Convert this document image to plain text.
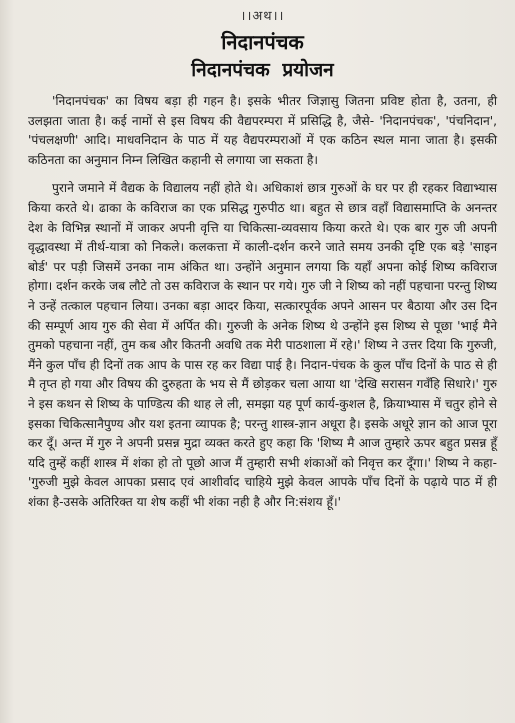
।।अथ।।
निदानपंचक
निदानपंचक प्रयोजन

'निदानपंचक' का विषय बड़ा ही गहन है। इसके भीतर जिज्ञासु जितना प्रविष्ट होता है, उतना, ही उलझता जाता है। कई नामों से इस विषय की वैद्यपरम्परा में प्रसिद्धि है, जैसे- 'निदानपंचक', 'पंचनिदान', 'पंचलक्षणी' आदि। माधवनिदान के पाठ में यह वैद्यपरम्पराओं में एक कठिन स्थल माना जाता है। इसकी कठिनता का अनुमान निम्न लिखित कहानी से लगाया जा सकता है।

पुराने जमाने में वैद्यक के विद्यालय नहीं होते थे। अधिकाशं छात्र गुरुओं के घर पर ही रहकर विद्याभ्यास किया करते थे। ढाका के कविराज का एक प्रसिद्ध गुरुपीठ था। बहुत से छात्र वहाँ विद्यासमाप्ति के अनन्तर देश के विभिन्न स्थानों में जाकर अपनी वृत्ति या चिकित्सा-व्यवसाय किया करते थे। एक बार गुरु जी अपनी वृद्धावस्था में तीर्थ-यात्रा को निकले। कलकत्ता में काली-दर्शन करने जाते समय उनकी दृष्टि एक बड़े 'साइन बोर्ड' पर पड़ी जिसमें उनका नाम अंकित था। उन्होंने अनुमान लगया कि यहाँ अपना कोई शिष्य कविराज होगा। दर्शन करके जब लौटे तो उस कविराज के स्थान पर गये। गुरु जी ने शिष्य को नहीं पहचाना परन्तु शिष्य ने उन्हें तत्काल पहचान लिया। उनका बड़ा आदर किया, सत्कारपूर्वक अपने आसन पर बैठाया और उस दिन की सम्पूर्ण आय गुरु की सेवा में अर्पित की। गुरुजी के अनेक शिष्य थे उन्होंने इस शिष्य से पूछा 'भाई मैने तुमको पहचाना नहीं, तुम कब और कितनी अवधि तक मेरी पाठशाला में रहे।' शिष्य ने उत्तर दिया कि गुरुजी, मैंने कुल पाँच ही दिनों तक आप के पास रह कर विद्या पाई है। निदान-पंचक के कुल पाँच दिनों के पाठ से ही मै तृप्त हो गया और विषय की दुरुहता के भय से मैं छोड़कर चला आया था 'देखि सरासन गवँहि सिधारे।' गुरु ने इस कथन से शिष्य के पाण्डित्य की थाह ले ली, समझा यह पूर्ण कार्य-कुशल है, क्रियाभ्यास में चतुर होने से इसका चिकित्सानैपुण्य और यश इतना व्यापक है; परन्तु शास्त्र-ज्ञान अधूरा है। इसके अधूरे ज्ञान को आज पूरा कर दूँ। अन्त में गुरु ने अपनी प्रसन्न मुद्रा व्यक्त करते हुए कहा कि 'शिष्य मै आज तुम्हारे ऊपर बहुत प्रसन्न हूँ यदि तुम्हें कहीं शास्त्र में शंका हो तो पूछो आज मैं तुम्हारी सभी शंकाओं को निवृत्त कर दूँगा।' शिष्य ने कहा-'गुरुजी मुझे केवल आपका प्रसाद एवं आशीर्वाद चाहिये मुझे केवल आपके पाँच दिनों के पढ़ाये पाठ में ही शंका है-उसके अतिरिक्त या शेष कहीं भी शंका नही है और नि:संशय हूँ।'
